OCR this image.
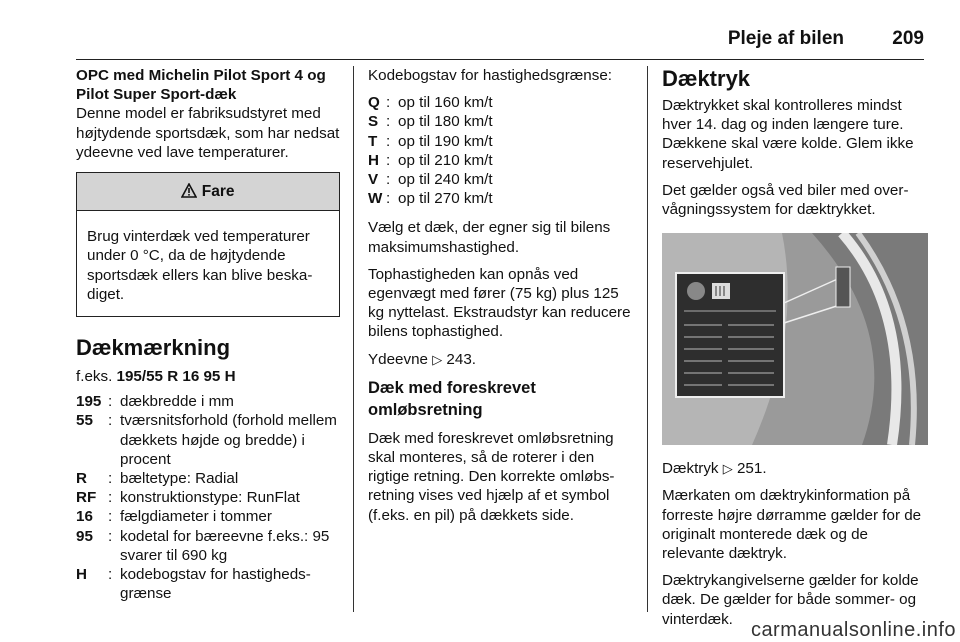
Pleje af bilen	209
OPC med Michelin Pilot Sport 4 og Pilot Super Sport-dæk

Denne model er fabriksudstyret med højtydende sportsdæk, som har nedsat ydeevne ved lave temperaturer.

Fare
Brug vinterdæk ved temperaturer under 0 °C, da de højtydende sportsdæk ellers kan blive beskadiget.
Dækmærkning
f.eks. 195/55 R 16 95 H
195 : dækbredde i mm
55 : tværsnitsforhold (forhold mellem dækkets højde og bredde) i procent
R	: bæltetype: Radial
RF : konstruktionstype: RunFlat
16 : fælgdiameter i tommer
95 : kodetal for bæreevne f.eks.: 95 svarer til 690 kg
H	: kodebogstav for hastighedsgrænse

Kodebogstav for hastighedsgrænse:

Q : op til 160 km/t
S : op til 180 km/t
T : op til 190 km/t
H : op til 210 km/t
V : op til 240 km/t
W : op til 270 km/t

Vælg et dæk, der egner sig til bilens maksimumshastighed.

Tophastigheden kan opnås ved egenvægt med fører (75 kg) plus 125 kg nyttelast. Ekstraudstyr kan reducere bilens tophastighed.

Ydeevne ▷ 243.

Dæk med foreskrevet omløbsretning

Dæk med foreskrevet omløbsretning skal monteres, så de roterer i den rigtige retning. Den korrekte omløbsretning vises ved hjælp af et symbol (f.eks. en pil) på dækkets side.

Dæktryk

Dæktrykket skal kontrolleres mindst hver 14. dag og inden længere ture. Dækkene skal være kolde. Glem ikke reservehjulet.

Det gælder også ved biler med overvågningssystem for dæktrykket.

Dæktryk ▷ 251.

Mærkaten om dæktrykinformation på forreste højre dørramme gælder for de originalt monterede dæk og de relevante dæktryk.

Dæktrykangivelserne gælder for kolde dæk. De gælder for både sommer- og vinterdæk. carmanualsonline.info
